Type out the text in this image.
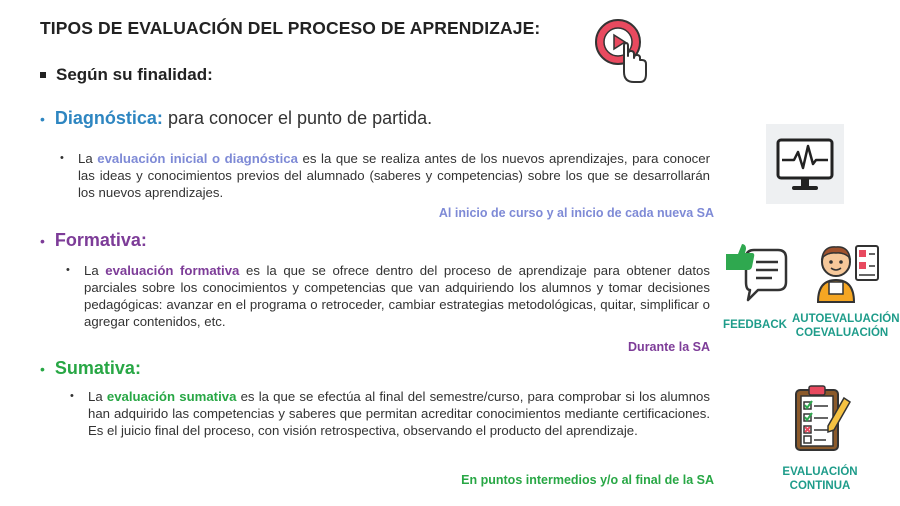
TIPOS DE EVALUACIÓN DEL PROCESO DE APRENDIZAJE:
Según su finalidad:
• Diagnóstica: para conocer el punto de partida.
• La evaluación inicial o diagnóstica es la que se realiza antes de los nuevos aprendizajes, para conocer las ideas y conocimientos previos del alumnado (saberes y competencias) sobre los que se desarrollarán los nuevos aprendizajes.
Al inicio de curso y al inicio de cada nueva SA
• Formativa:
• La evaluación formativa es la que se ofrece dentro del proceso de aprendizaje para obtener datos parciales sobre los conocimientos y competencias que van adquiriendo los alumnos y tomar decisiones pedagógicas: avanzar en el programa o retroceder, cambiar estrategias metodológicas, quitar, simplificar o agregar contenidos, etc.
Durante la SA
FEEDBACK AUTOEVALUACIÓN
COEVALUACIÓN
• Sumativa:
• La evaluación sumativa es la que se efectúa al final del semestre/curso, para comprobar si los alumnos han adquirido las competencias y saberes que permitan acreditar conocimientos mediante certificaciones. Es el juicio final del proceso, con visión retrospectiva, observando el producto del aprendizaje.
En puntos intermedios y/o al final de la SA
EVALUACIÓN
CONTINUA
